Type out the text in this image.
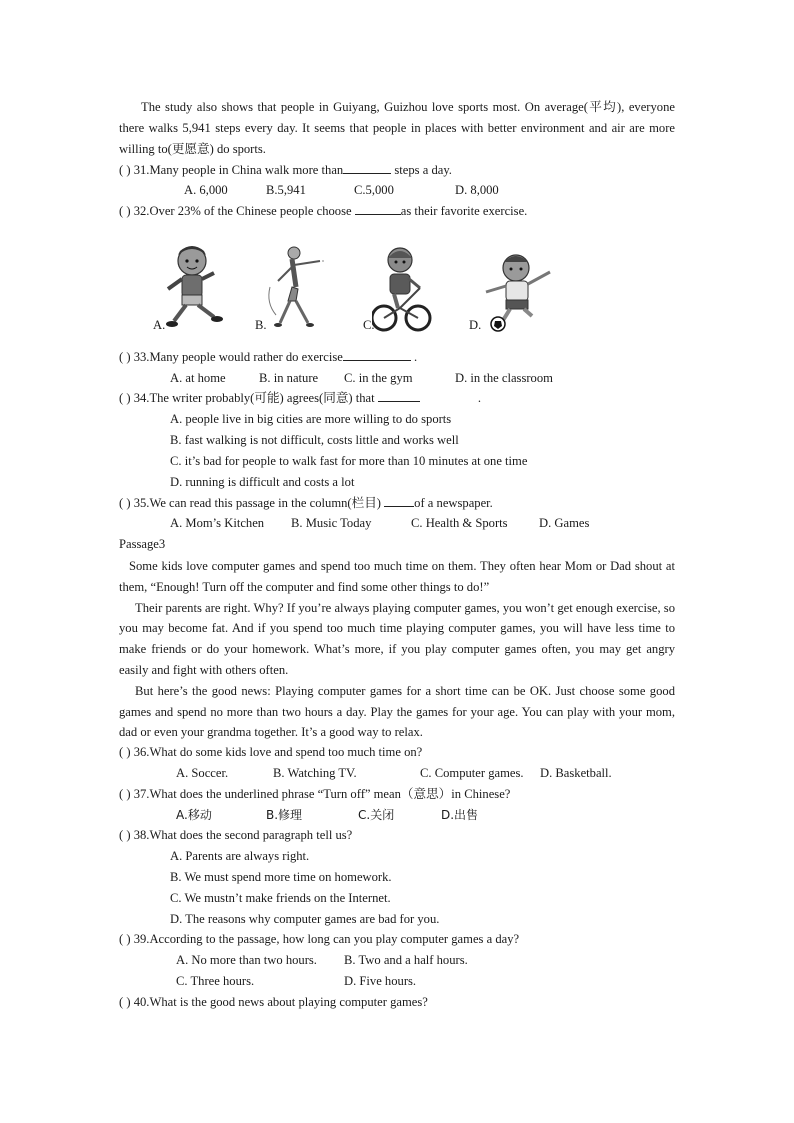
The study also shows that people in Guiyang, Guizhou love sports most. On average(平均), everyone there walks 5,941 steps every day. It seems that people in places with better environment and air are more willing to(更愿意) do sports.

( ) 31.Many people in China walk more than	steps a day.
A. 6,000	B.5,941	C.5,000	D. 8,000
( ) 32.Over 23% of the Chinese people choose	as their favorite exercise.
A.	B.	C.	D.
( ) 33.Many people would rather do exercise	.
A. at home	B. in nature C. in the gym	D. in the classroom
( ) 34.The writer probably(可能) agrees(同意) that	.
A. people live in big cities are more willing to do sports
B. fast walking is not difficult, costs little and works well
C. it’s bad for people to walk fast for more than 10 minutes at one time
D. running is difficult and costs a lot
( ) 35.We can read this passage in the column(栏目) of a newspaper.
A. Mom’s Kitchen B. Music Today	C. Health & Sports D. Games
Passage3

Some kids love computer games and spend too much time on them. They often hear Mom or Dad shout at them, “Enough! Turn off the computer and find some other things to do!”

Their parents are right. Why? If you’re always playing computer games, you won’t get enough exercise, so you may become fat. And if you spend too much time playing computer games, you will have less time to make friends or do your homework. What’s more, if you play computer games often, you may get angry easily and fight with others often.

But here’s the good news: Playing computer games for a short time can be OK. Just choose some good games and spend no more than two hours a day. Play the games for your age. You can play with your mom, dad or even your grandma together. It’s a good way to relax.

( ) 36.What do some kids love and spend too much time on?
A. Soccer.	B. Watching TV.	C. Computer games. D. Basketball.
( ) 37.What does the underlined phrase “Turn off” mean（意思）in Chinese?
A.移动	B.修理	C.关闭	D.出售
( ) 38.What does the second paragraph tell us?
A. Parents are always right.
B. We must spend more time on homework.
C. We mustn’t make friends on the Internet.
D. The reasons why computer games are bad for you.
( ) 39.According to the passage, how long can you play computer games a day?
A. No more than two hours. B. Two and a half hours.
C. Three hours.	D. Five hours.
( ) 40.What is the good news about playing computer games?
